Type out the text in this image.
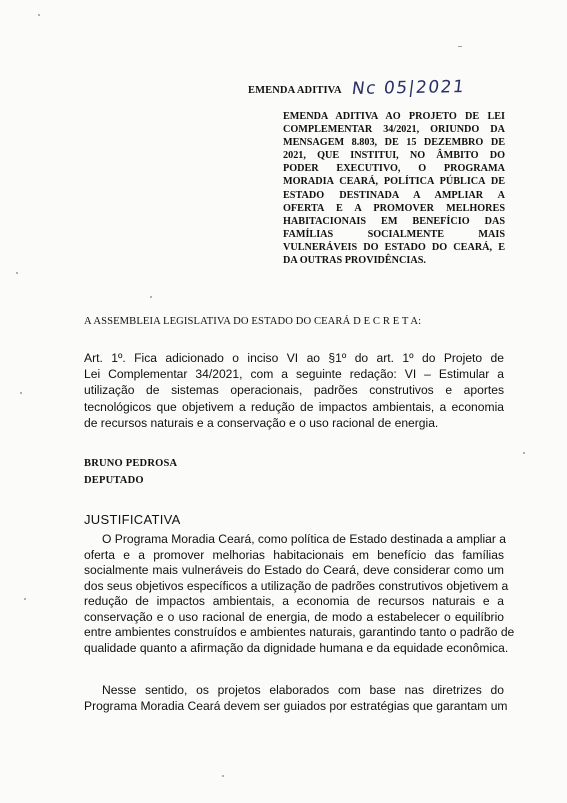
EMENDA ADITIVA Nc 05|2021
EMENDA ADITIVA AO PROJETO DE LEI
COMPLEMENTAR 34/2021, ORIUNDO DA
MENSAGEM 8.803, DE 15 DEZEMBRO DE
2021, QUE INSTITUI, NO ÂMBITO DO
PODER EXECUTIVO, O PROGRAMA
MORADIA CEARÁ, POLÍTICA PÚBLICA DE
ESTADO DESTINADA A AMPLIAR A
OFERTA E A PROMOVER MELHORES
HABITACIONAIS EM BENEFÍCIO DAS
FAMÍLIAS SOCIALMENTE MAIS
VULNERÁVEIS DO ESTADO DO CEARÁ, E
DA OUTRAS PROVIDÊNCIAS.
A ASSEMBLEIA LEGISLATIVA DO ESTADO DO CEARÁ D E C R E T A:
Art. 1º. Fica adicionado o inciso VI ao §1º do art. 1º do Projeto de
Lei Complementar 34/2021, com a seguinte redação: VI – Estimular a
utilização de sistemas operacionais, padrões construtivos e aportes
tecnológicos que objetivem a redução de impactos ambientais, a economia
de recursos naturais e a conservação e o uso racional de energia.
BRUNO PEDROSA
DEPUTADO
JUSTIFICATIVA
O Programa Moradia Ceará, como política de Estado destinada a ampliar a
oferta e a promover melhorias habitacionais em benefício das famílias
socialmente mais vulneráveis do Estado do Ceará, deve considerar como um
dos seus objetivos específicos a utilização de padrões construtivos objetivem a
redução de impactos ambientais, a economia de recursos naturais e a
conservação e o uso racional de energia, de modo a estabelecer o equilíbrio
entre ambientes construídos e ambientes naturais, garantindo tanto o padrão de
qualidade quanto a afirmação da dignidade humana e da equidade econômica.
Nesse sentido, os projetos elaborados com base nas diretrizes do
Programa Moradia Ceará devem ser guiados por estratégias que garantam um
